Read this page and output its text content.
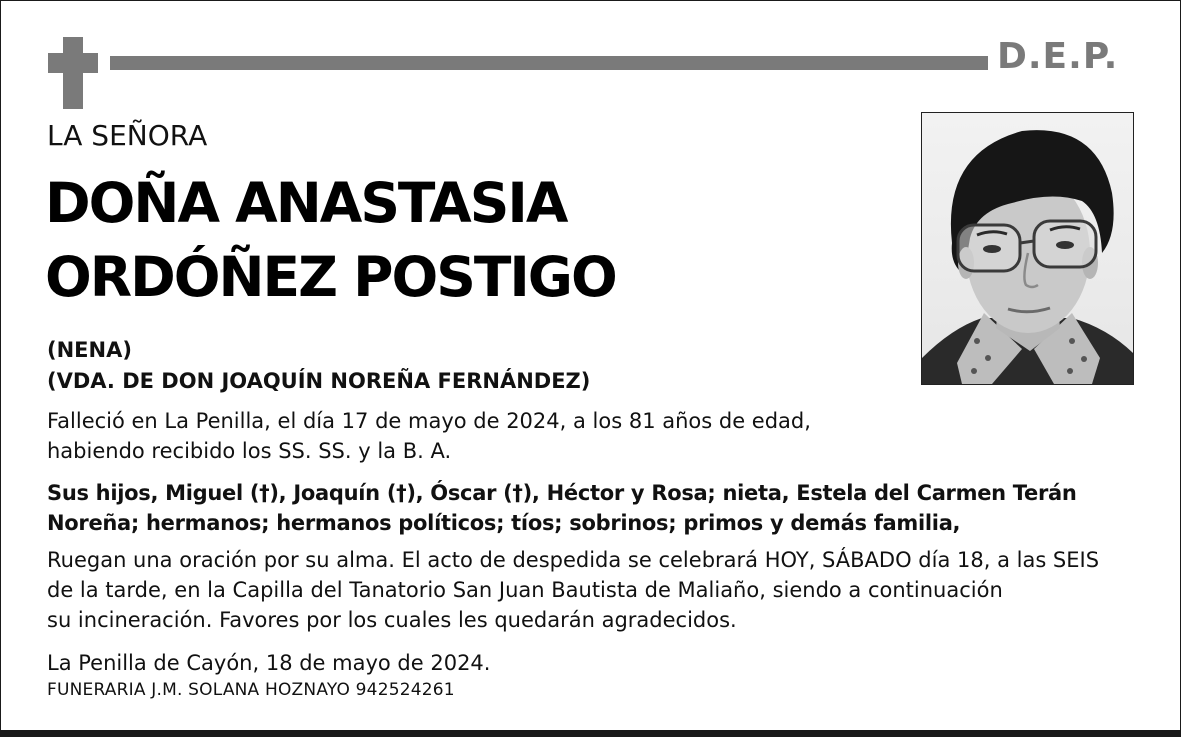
D.E.P.
LA SEÑORA
DOÑA ANASTASIA
ORDÓÑEZ POSTIGO
(NENA)
(VDA. DE DON JOAQUÍN NOREÑA FERNÁNDEZ)
Falleció en La Penilla, el día 17 de mayo de 2024, a los 81 años de edad,
habiendo recibido los SS. SS. y la B. A.
Sus hijos, Miguel (†), Joaquín (†), Óscar (†), Héctor y Rosa; nieta, Estela del Carmen Terán
Noreña; hermanos; hermanos políticos; tíos; sobrinos; primos y demás familia,
Ruegan una oración por su alma. El acto de despedida se celebrará HOY, SÁBADO día 18, a las SEIS
de la tarde, en la Capilla del Tanatorio San Juan Bautista de Maliaño, siendo a continuación
su incineración. Favores por los cuales les quedarán agradecidos.
La Penilla de Cayón, 18 de mayo de 2024.
FUNERARIA J.M. SOLANA HOZNAYO 942524261
